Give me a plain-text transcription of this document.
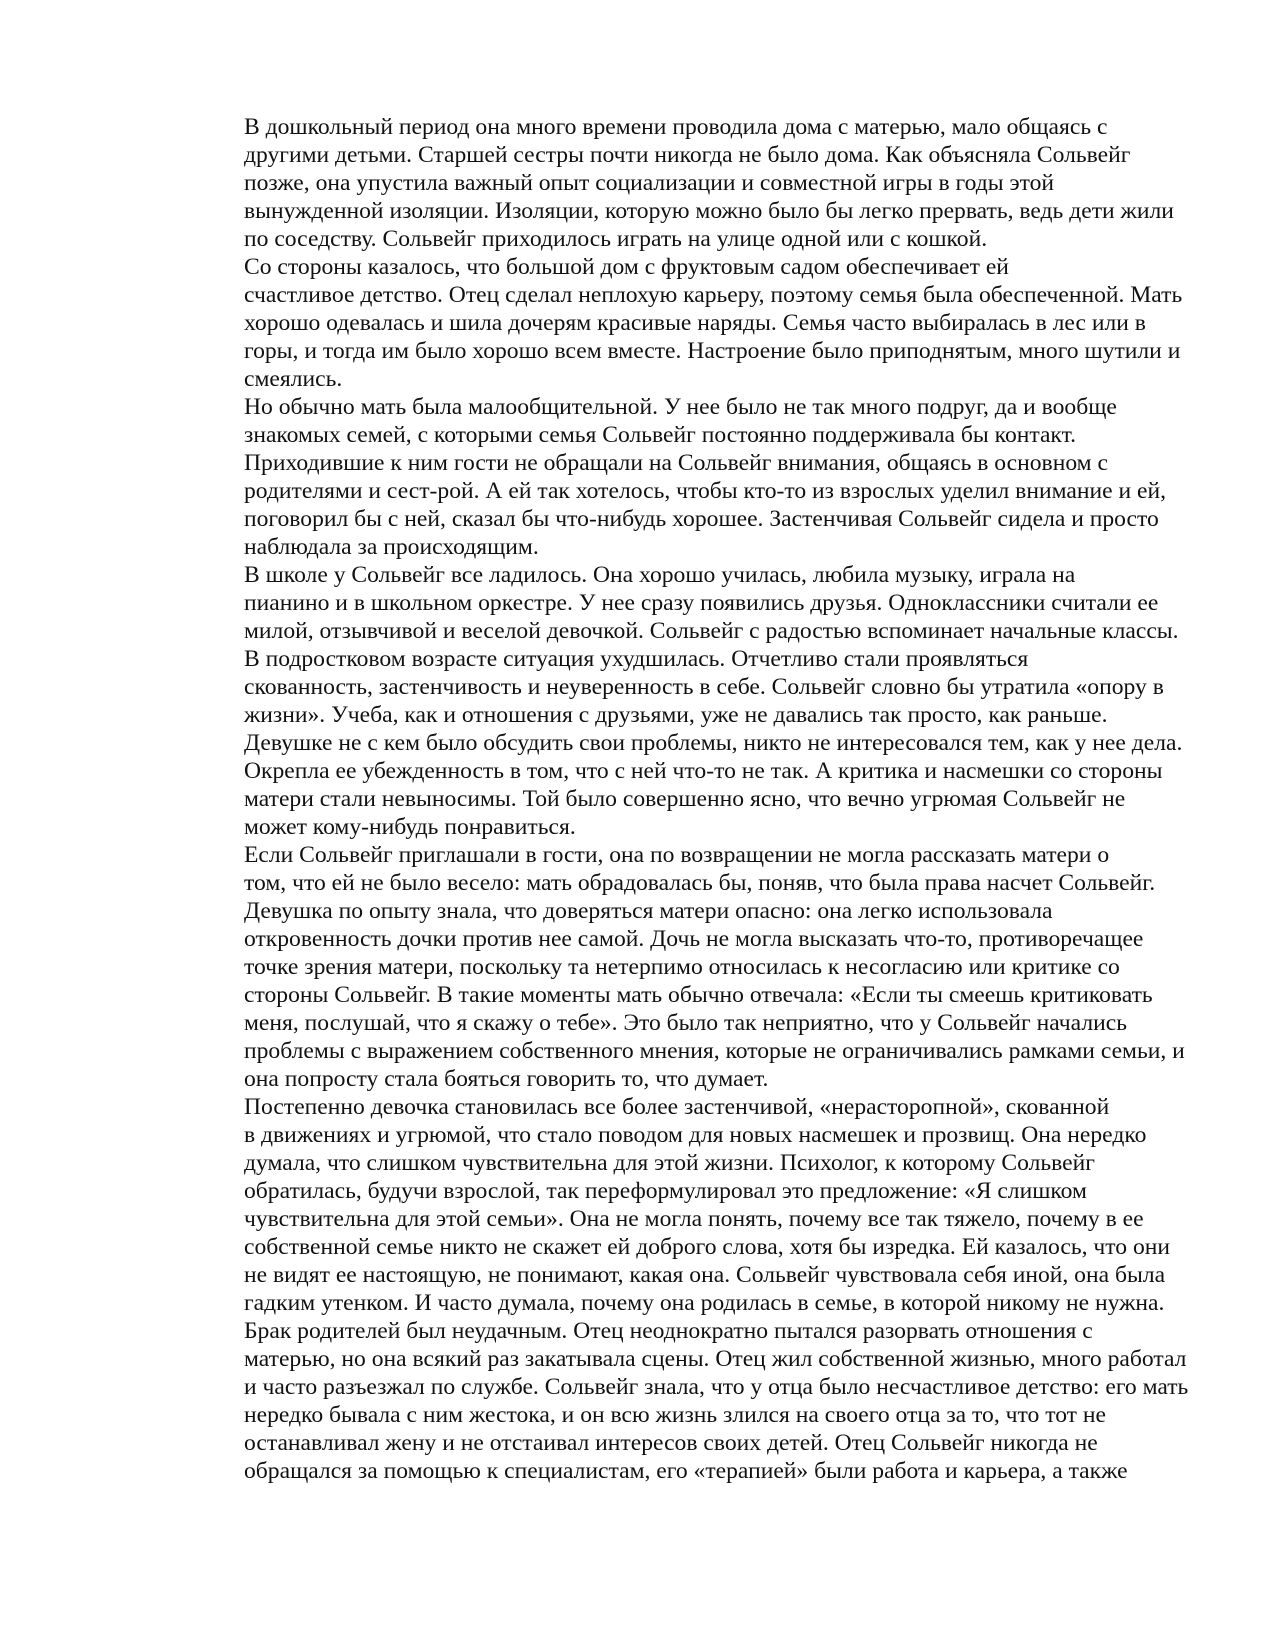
В дошкольный период она много времени проводила дома с матерью, мало общаясь с
другими детьми. Старшей сестры почти никогда не было дома. Как объясняла Сольвейг
позже, она упустила важный опыт социализации и совместной игры в годы этой
вынужденной изоляции. Изоляции, которую можно было бы легко прервать, ведь дети жили
по соседству. Сольвейг приходилось играть на улице одной или с кошкой.

Со стороны казалось, что большой дом с фруктовым садом обеспечивает ей
счастливое детство. Отец сделал неплохую карьеру, поэтому семья была обеспеченной. Мать
хорошо одевалась и шила дочерям красивые наряды. Семья часто выбиралась в лес или в
горы, и тогда им было хорошо всем вместе. Настроение было приподнятым, много шутили и
смеялись.

Но обычно мать была малообщительной. У нее было не так много подруг, да и вообще
знакомых семей, с которыми семья Сольвейг постоянно поддерживала бы контакт.
Приходившие к ним гости не обращали на Сольвейг внимания, общаясь в основном с
родителями и сест-рой. А ей так хотелось, чтобы кто-то из взрослых уделил внимание и ей,
поговорил бы с ней, сказал бы что-нибудь хорошее. Застенчивая Сольвейг сидела и просто
наблюдала за происходящим.

В школе у Сольвейг все ладилось. Она хорошо училась, любила музыку, играла на
пианино и в школьном оркестре. У нее сразу появились друзья. Одноклассники считали ее
милой, отзывчивой и веселой девочкой. Сольвейг с радостью вспоминает начальные классы.

В подростковом возрасте ситуация ухудшилась. Отчетливо стали проявляться
скованность, застенчивость и неуверенность в себе. Сольвейг словно бы утратила «опору в
жизни». Учеба, как и отношения с друзьями, уже не давались так просто, как раньше.
Девушке не с кем было обсудить свои проблемы, никто не интересовался тем, как у нее дела.
Окрепла ее убежденность в том, что с ней что-то не так. А критика и насмешки со стороны
матери стали невыносимы. Той было совершенно ясно, что вечно угрюмая Сольвейг не
может кому-нибудь понравиться.

Если Сольвейг приглашали в гости, она по возвращении не могла рассказать матери о
том, что ей не было весело: мать обрадовалась бы, поняв, что была права насчет Сольвейг.
Девушка по опыту знала, что доверяться матери опасно: она легко использовала
откровенность дочки против нее самой. Дочь не могла высказать что-то, противоречащее
точке зрения матери, поскольку та нетерпимо относилась к несогласию или критике со
стороны Сольвейг. В такие моменты мать обычно отвечала: «Если ты смеешь критиковать
меня, послушай, что я скажу о тебе». Это было так неприятно, что у Сольвейг начались
проблемы с выражением собственного мнения, которые не ограничивались рамками семьи, и
она попросту стала бояться говорить то, что думает.

Постепенно девочка становилась все более застенчивой, «нерасторопной», скованной
в движениях и угрюмой, что стало поводом для новых насмешек и прозвищ. Она нередко
думала, что слишком чувствительна для этой жизни. Психолог, к которому Сольвейг
обратилась, будучи взрослой, так переформулировал это предложение: «Я слишком
чувствительна для этой семьи». Она не могла понять, почему все так тяжело, почему в ее
собственной семье никто не скажет ей доброго слова, хотя бы изредка. Ей казалось, что они
не видят ее настоящую, не понимают, какая она. Сольвейг чувствовала себя иной, она была
гадким утенком. И часто думала, почему она родилась в семье, в которой никому не нужна.

Брак родителей был неудачным. Отец неоднократно пытался разорвать отношения с
матерью, но она всякий раз закатывала сцены. Отец жил собственной жизнью, много работал
и часто разъезжал по службе. Сольвейг знала, что у отца было несчастливое детство: его мать
нередко бывала с ним жестока, и он всю жизнь злился на своего отца за то, что тот не
останавливал жену и не отстаивал интересов своих детей. Отец Сольвейг никогда не
обращался за помощью к специалистам, его «терапией» были работа и карьера, а также
